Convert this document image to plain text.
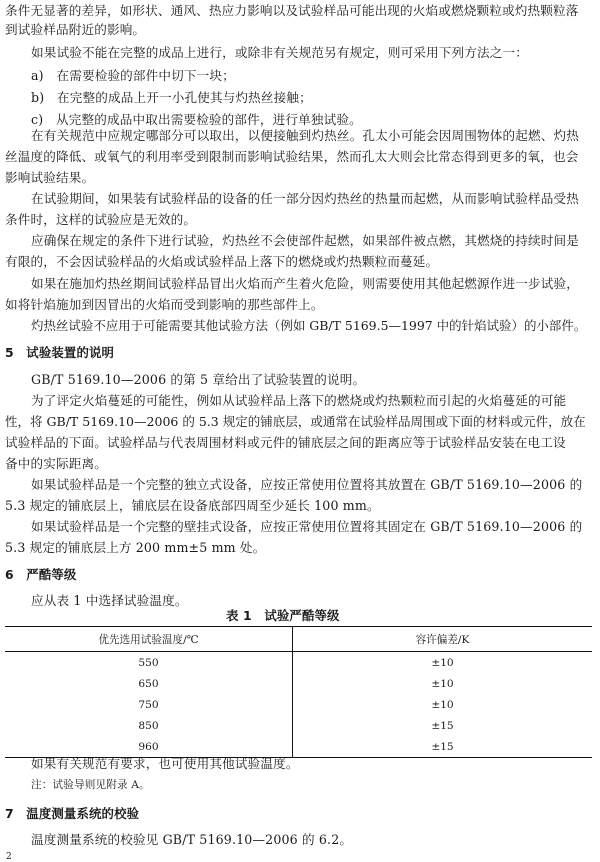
条件无显著的差异，如形状、通风、热应力影响以及试验样品可能出现的火焰或燃烧颗粒或灼热颗粒落
到试验样品附近的影响。
如果试验不能在完整的成品上进行，或除非有关规范另有规定，则可采用下列方法之一：
a)　在需要检验的部件中切下一块；
b)　在完整的成品上开一小孔使其与灼热丝接触；
c)　从完整的成品中取出需要检验的部件，进行单独试验。
在有关规范中应规定哪部分可以取出，以便接触到灼热丝。孔太小可能会因周围物体的起燃、灼热
丝温度的降低、或氧气的利用率受到限制而影响试验结果，然而孔太大则会比常态得到更多的氧，也会
影响试验结果。
在试验期间，如果装有试验样品的设备的任一部分因灼热丝的热量而起燃，从而影响试验样品受热
条件时，这样的试验应是无效的。
应确保在规定的条件下进行试验，灼热丝不会使部件起燃，如果部件被点燃，其燃烧的持续时间是
有限的，不会因试验样品的火焰或试验样品上落下的燃烧或灼热颗粒而蔓延。
如果在施加灼热丝期间试验样品冒出火焰而产生着火危险，则需要使用其他起燃源作进一步试验，
如将针焰施加到因冒出的火焰而受到影响的那些部件上。
灼热丝试验不应用于可能需要其他试验方法（例如 GB/T 5169.5—1997 中的针焰试验）的小部件。
5　试验装置的说明
GB/T 5169.10—2006 的第 5 章给出了试验装置的说明。
为了评定火焰蔓延的可能性，例如从试验样品上落下的燃烧或灼热颗粒而引起的火焰蔓延的可能
性，将 GB/T 5169.10—2006 的 5.3 规定的铺底层，或通常在试验样品周围或下面的材料或元件，放在
试验样品的下面。试验样品与代表周围材料或元件的铺底层之间的距离应等于试验样品安装在电工设
备中的实际距离。
如果试验样品是一个完整的独立式设备，应按正常使用位置将其放置在 GB/T 5169.10—2006 的
5.3 规定的铺底层上，铺底层在设备底部四周至少延长 100 mm。
如果试验样品是一个完整的壁挂式设备，应按正常使用位置将其固定在 GB/T 5169.10—2006 的
5.3 规定的铺底层上方 200 mm±5 mm 处。
6　严酷等级
应从表 1 中选择试验温度。
表 1　试验严酷等级
优先选用试验温度/℃	容许偏差/K
550	±10
650	±10
750	±10
850	±15
960	±15
如果有关规范有要求，也可使用其他试验温度。
注：试验导则见附录 A。
7　温度测量系统的校验
温度测量系统的校验见 GB/T 5169.10—2006 的 6.2。
2
